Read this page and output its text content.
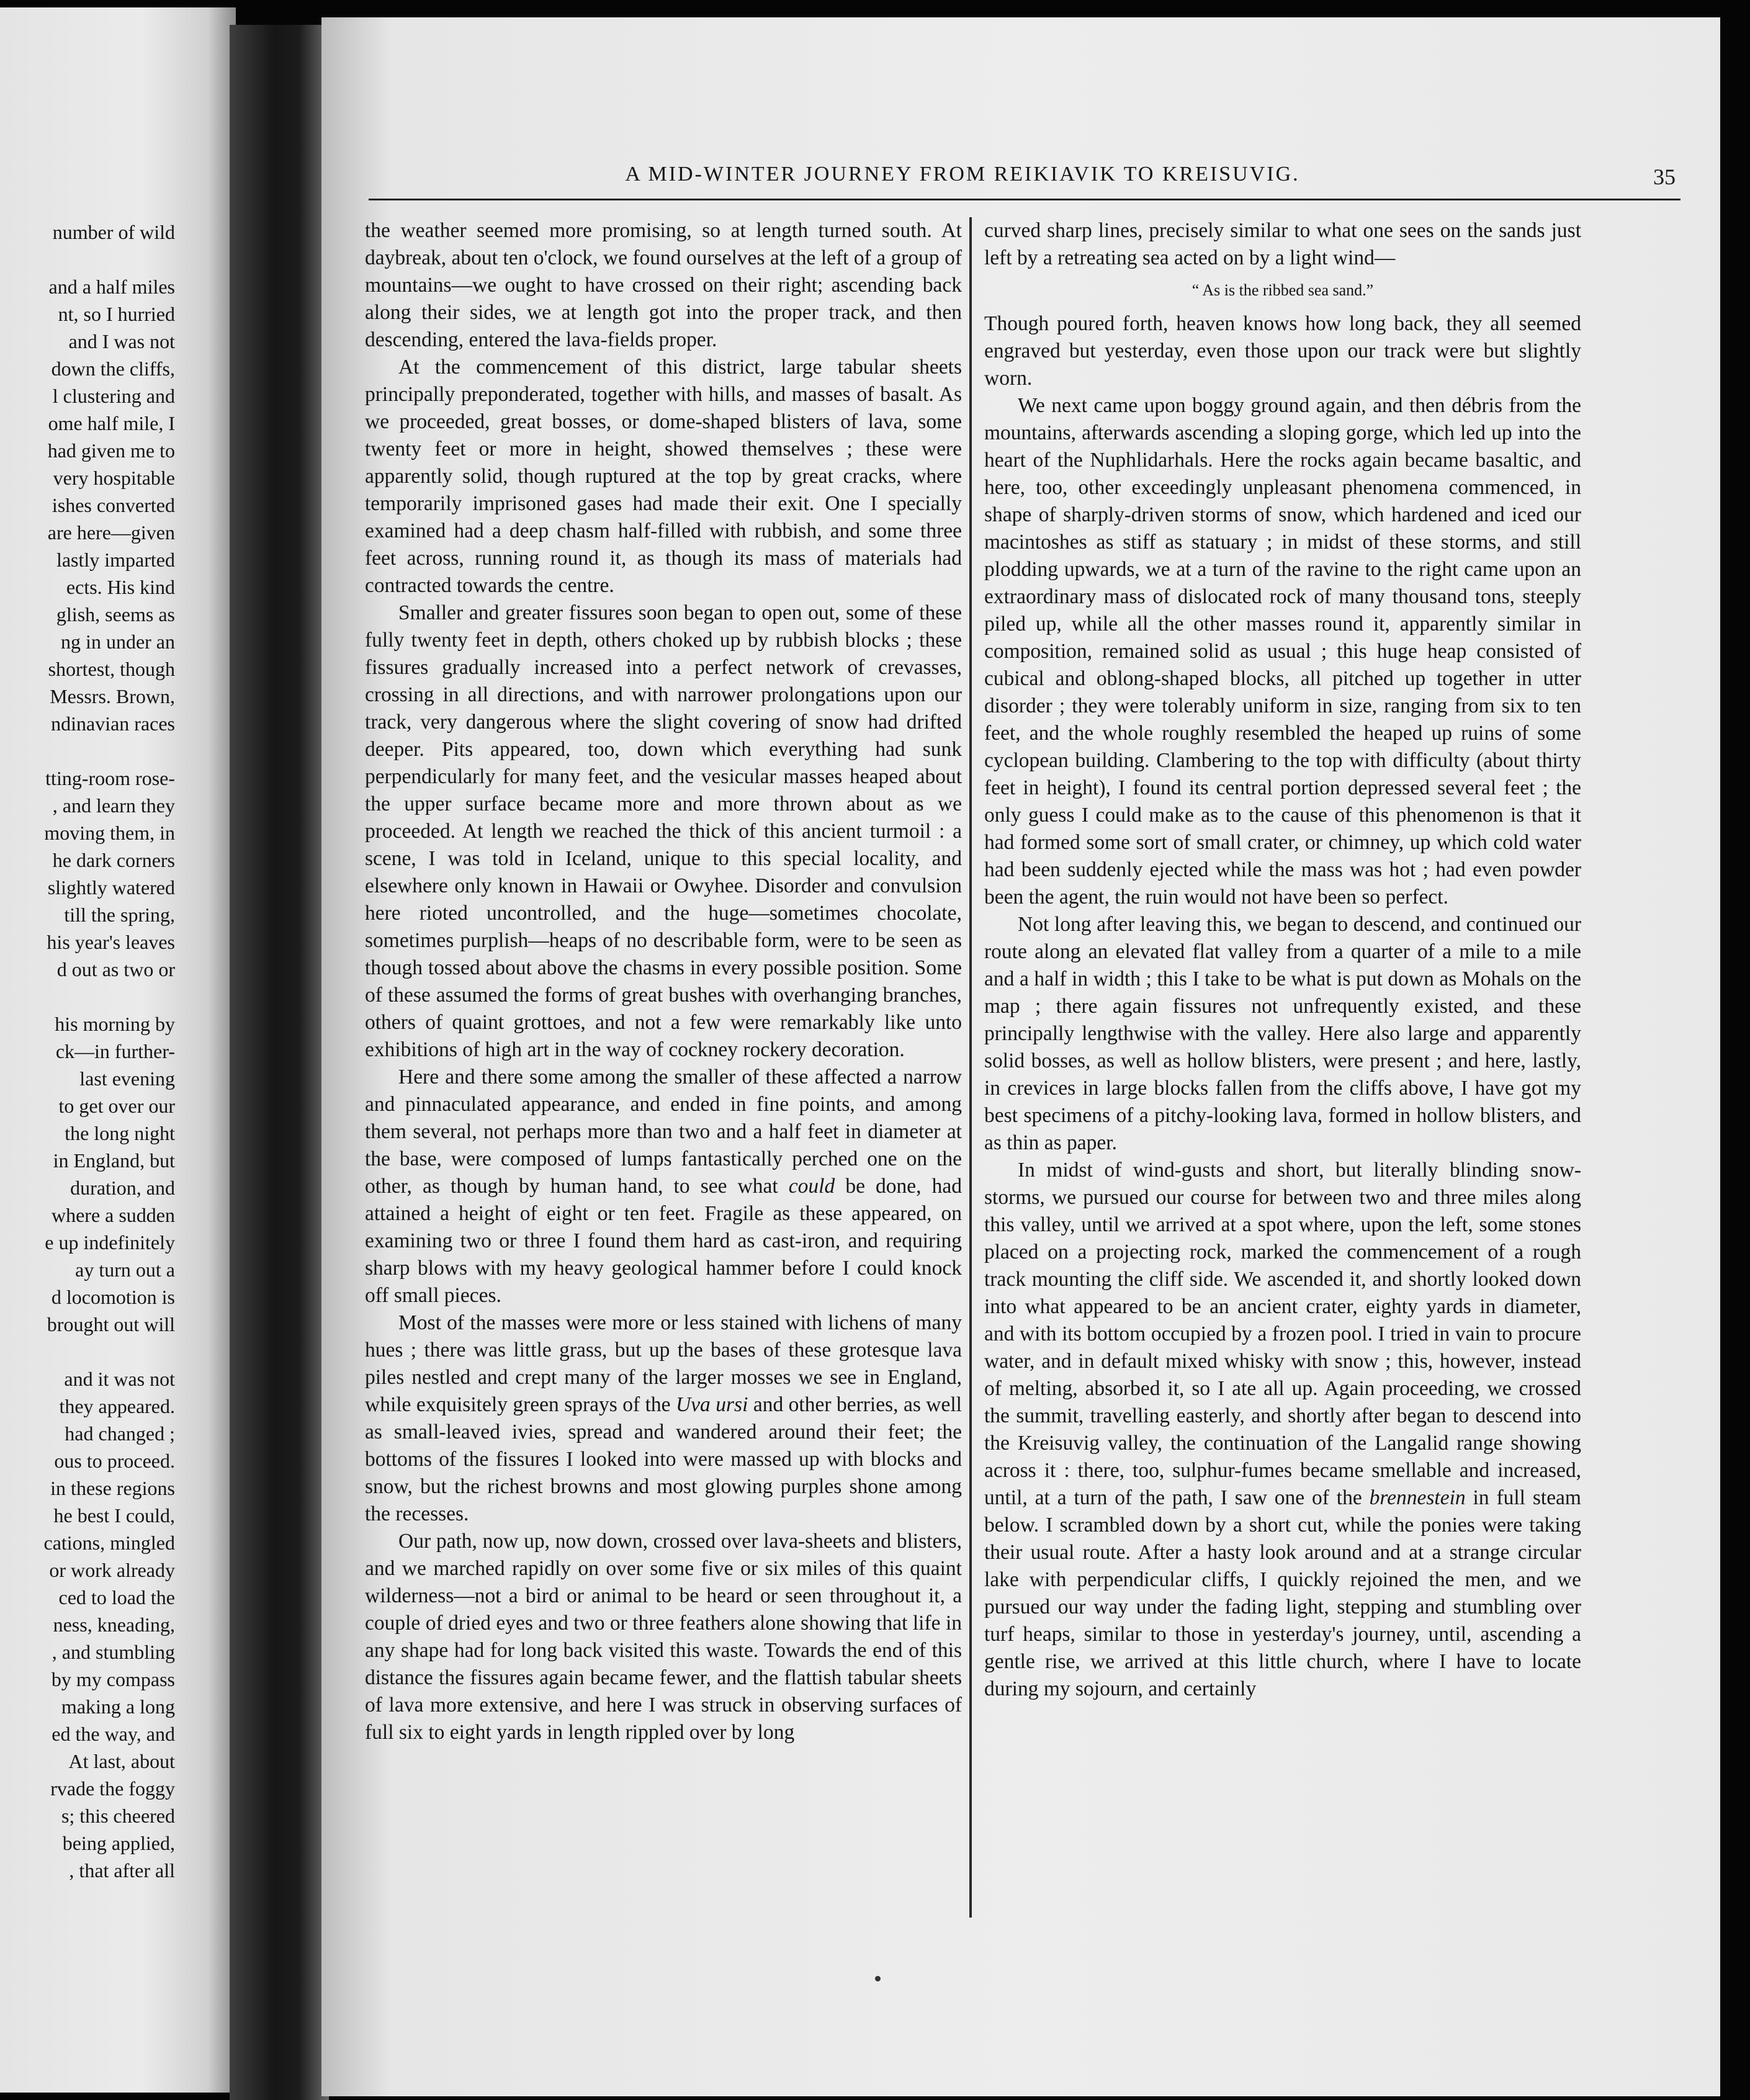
number of wild
and a half miles
nt, so I hurried
and I was not
down the cliffs,
l clustering and
ome half mile, I
had given me to
very hospitable
ishes converted
are here—given
lastly imparted
ects. His kind
glish, seems as
ng in under an
shortest, though
Messrs. Brown,
ndinavian races
tting-room rose-
, and learn they
moving them, in
he dark corners
slightly watered
till the spring,
his year's leaves
d out as two or
his morning by
ck—in further-
last evening
to get over our
the long night
in England, but
duration, and
where a sudden
e up indefinitely
ay turn out a
d locomotion is
brought out will
and it was not
they appeared.
had changed ;
ous to proceed.
in these regions
he best I could,
cations, mingled
or work already
ced to load the
ness, kneading,
, and stumbling
by my compass
making a long
ed the way, and
At last, about
rvade the foggy
s; this cheered
being applied,
, that after all
A MID-WINTER JOURNEY FROM REIKIAVIK TO KREISUVIG.	35

the weather seemed more promising, so at length turned south. At daybreak, about ten o'clock, we found ourselves at the left of a group of mountains—we ought to have crossed on their right; ascending back along their sides, we at length got into the proper track, and then descending, entered the lava-fields proper.

At the commencement of this district, large tabular sheets principally preponderated, together with hills, and masses of basalt. As we proceeded, great bosses, or dome-shaped blisters of lava, some twenty feet or more in height, showed themselves ; these were apparently solid, though ruptured at the top by great cracks, where temporarily imprisoned gases had made their exit. One I specially examined had a deep chasm half-filled with rubbish, and some three feet across, running round it, as though its mass of materials had contracted towards the centre.

Smaller and greater fissures soon began to open out, some of these fully twenty feet in depth, others choked up by rubbish blocks ; these fissures gradually increased into a perfect network of crevasses, crossing in all directions, and with narrower prolongations upon our track, very dangerous where the slight covering of snow had drifted deeper. Pits appeared, too, down which everything had sunk perpendicularly for many feet, and the vesicular masses heaped about the upper surface became more and more thrown about as we proceeded. At length we reached the thick of this ancient turmoil : a scene, I was told in Iceland, unique to this special locality, and elsewhere only known in Hawaii or Owyhee. Disorder and convulsion here rioted uncontrolled, and the huge—sometimes chocolate, sometimes purplish—heaps of no describable form, were to be seen as though tossed about above the chasms in every possible position. Some of these assumed the forms of great bushes with overhanging branches, others of quaint grottoes, and not a few were remarkably like unto exhibitions of high art in the way of cockney rockery decoration.

Here and there some among the smaller of these affected a narrow and pinnaculated appearance, and ended in fine points, and among them several, not perhaps more than two and a half feet in diameter at the base, were composed of lumps fantastically perched one on the other, as though by human hand, to see what could be done, had attained a height of eight or ten feet. Fragile as these appeared, on examining two or three I found them hard as cast-iron, and requiring sharp blows with my heavy geological hammer before I could knock off small pieces.

Most of the masses were more or less stained with lichens of many hues ; there was little grass, but up the bases of these grotesque lava piles nestled and crept many of the larger mosses we see in England, while exquisitely green sprays of the Uva ursi and other berries, as well as small-leaved ivies, spread and wandered around their feet; the bottoms of the fissures I looked into were massed up with blocks and snow, but the richest browns and most glowing purples shone among the recesses.

Our path, now up, now down, crossed over lava-sheets and blisters, and we marched rapidly on over some five or six miles of this quaint wilderness—not a bird or animal to be heard or seen throughout it, a couple of dried eyes and two or three feathers alone showing that life in any shape had for long back visited this waste. Towards the end of this distance the fissures again became fewer, and the flattish tabular sheets of lava more extensive, and here I was struck in observing surfaces of full six to eight yards in length rippled over by long

curved sharp lines, precisely similar to what one sees on the sands just left by a retreating sea acted on by a light wind—

“ As is the ribbed sea sand.”

Though poured forth, heaven knows how long back, they all seemed engraved but yesterday, even those upon our track were but slightly worn.

We next came upon boggy ground again, and then débris from the mountains, afterwards ascending a sloping gorge, which led up into the heart of the Nuphlidarhals. Here the rocks again became basaltic, and here, too, other exceedingly unpleasant phenomena commenced, in shape of sharply-driven storms of snow, which hardened and iced our macintoshes as stiff as statuary ; in midst of these storms, and still plodding upwards, we at a turn of the ravine to the right came upon an extraordinary mass of dislocated rock of many thousand tons, steeply piled up, while all the other masses round it, apparently similar in composition, remained solid as usual ; this huge heap consisted of cubical and oblong-shaped blocks, all pitched up together in utter disorder ; they were tolerably uniform in size, ranging from six to ten feet, and the whole roughly resembled the heaped up ruins of some cyclopean building. Clambering to the top with difficulty (about thirty feet in height), I found its central portion depressed several feet ; the only guess I could make as to the cause of this phenomenon is that it had formed some sort of small crater, or chimney, up which cold water had been suddenly ejected while the mass was hot ; had even powder been the agent, the ruin would not have been so perfect.

Not long after leaving this, we began to descend, and continued our route along an elevated flat valley from a quarter of a mile to a mile and a half in width ; this I take to be what is put down as Mohals on the map ; there again fissures not unfrequently existed, and these principally lengthwise with the valley. Here also large and apparently solid bosses, as well as hollow blisters, were present ; and here, lastly, in crevices in large blocks fallen from the cliffs above, I have got my best specimens of a pitchy-looking lava, formed in hollow blisters, and as thin as paper.

In midst of wind-gusts and short, but literally blinding snow-storms, we pursued our course for between two and three miles along this valley, until we arrived at a spot where, upon the left, some stones placed on a projecting rock, marked the commencement of a rough track mounting the cliff side. We ascended it, and shortly looked down into what appeared to be an ancient crater, eighty yards in diameter, and with its bottom occupied by a frozen pool. I tried in vain to procure water, and in default mixed whisky with snow ; this, however, instead of melting, absorbed it, so I ate all up. Again proceeding, we crossed the summit, travelling easterly, and shortly after began to descend into the Kreisuvig valley, the continuation of the Langalid range showing across it : there, too, sulphur-fumes became smellable and increased, until, at a turn of the path, I saw one of the brennestein in full steam below. I scrambled down by a short cut, while the ponies were taking their usual route. After a hasty look around and at a strange circular lake with perpendicular cliffs, I quickly rejoined the men, and we pursued our way under the fading light, stepping and stumbling over turf heaps, similar to those in yesterday's journey, until, ascending a gentle rise, we arrived at this little church, where I have to locate during my sojourn, and certainly
